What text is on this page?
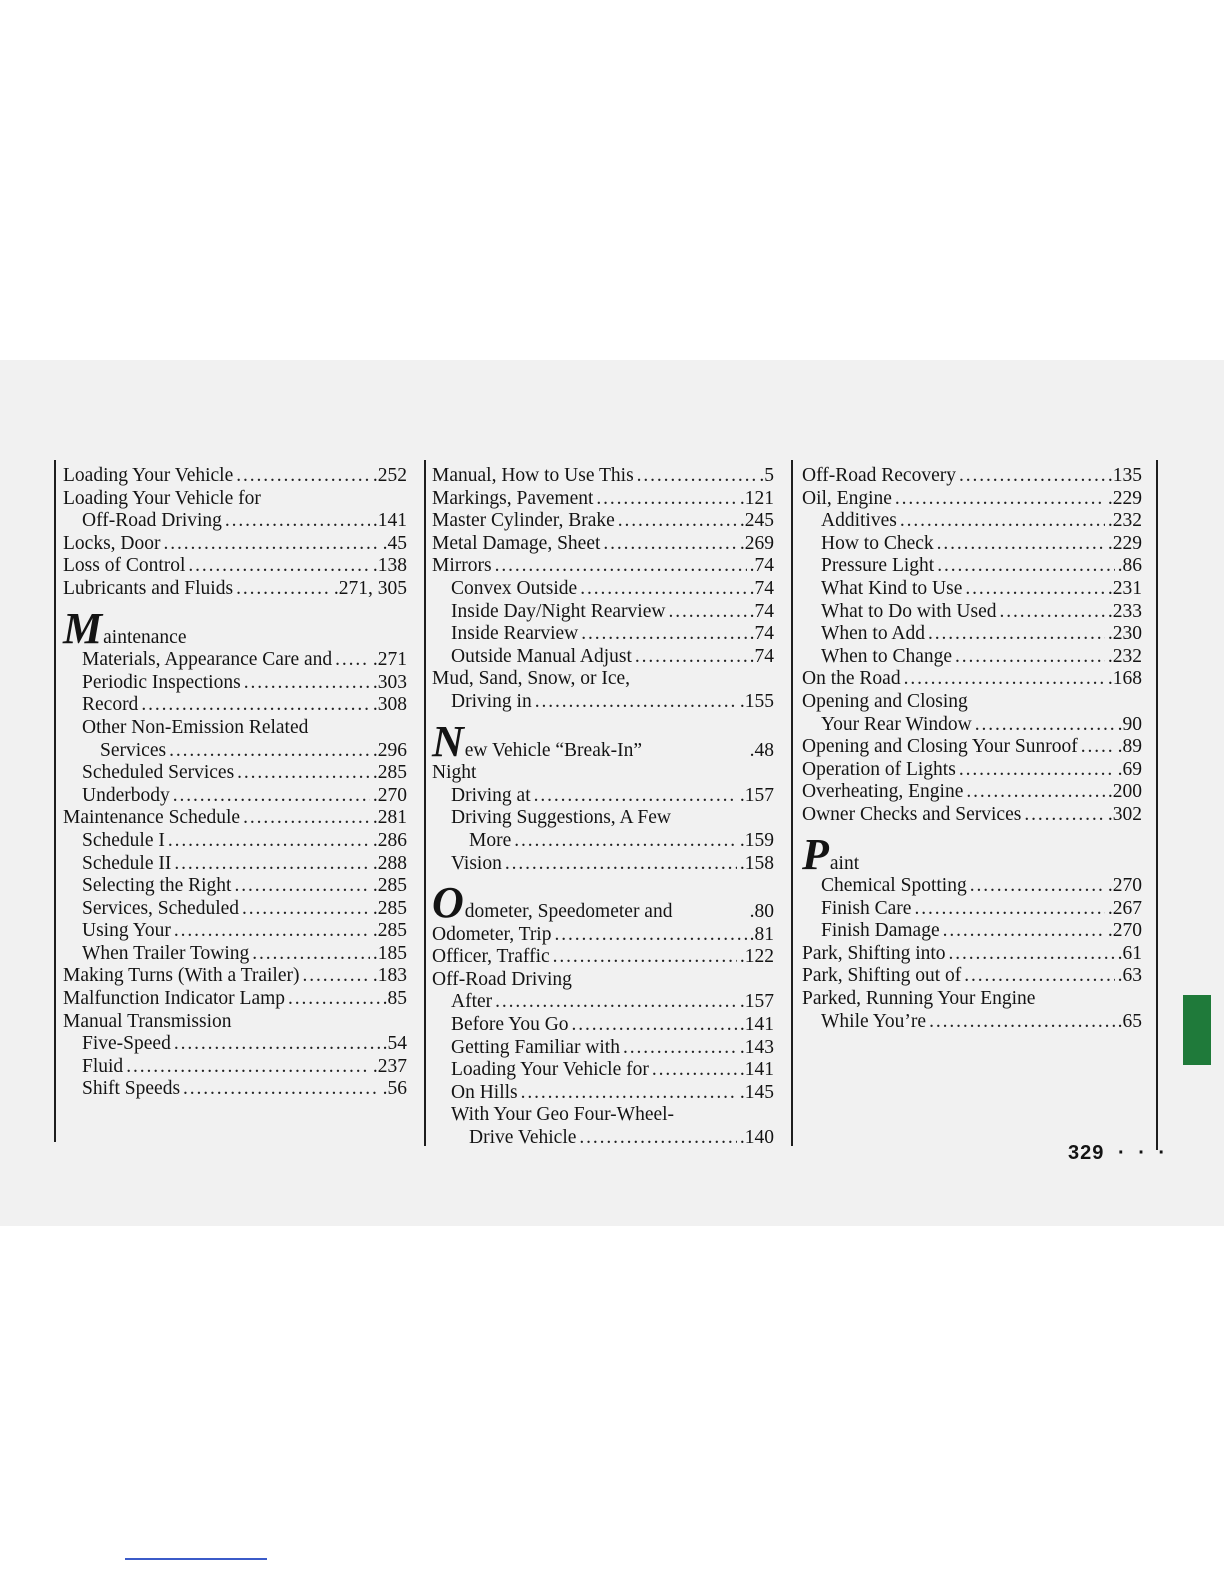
Loading Your Vehicle . . .	.252
Loading Your Vehicle for
Off-Road Driving . . .	.141
Locks, Door . . .	.45
Loss of Control . . .	.138
Lubricants and Fluids . . .	.271, 305
M aintenance
Materials, Appearance Care and . . . .271
Periodic Inspections . . .	.303
Record . . .	.308
Other Non-Emission Related
Services . . .	.296
Scheduled Services . . .	.285
Underbody . . .	.270
Maintenance Schedule . . .	.281
Schedule I . . .	.286
Schedule II . . .	.288
Selecting the Right . . .	.285
Services, Scheduled . . .	.285
Using Your . . .	.285
When Trailer Towing . . .	.185
Making Turns (With a Trailer) . . .	.183
Malfunction Indicator Lamp . . .	.85
Manual Transmission
Five-Speed . . .	.54
Fluid . . .	.237
Shift Speeds . . .	.56
Manual, How to Use This . . .	.5
Markings, Pavement . . .	.121
Master Cylinder, Brake . . .	.245
Metal Damage, Sheet . . .	.269
Mirrors . . .	.74
Convex Outside . . .	.74
Inside Day/Night Rearview . . .	.74
Inside Rearview . . .	.74
Outside Manual Adjust . . .	.74
Mud, Sand, Snow, or Ice,
Driving in . . .	.155
N ew Vehicle “Break-In”	.48
Night
Driving at . . .	.157
Driving Suggestions, A Few
More . . .	.159
Vision . . .	.158
O dometer, Speedometer and	.80
Odometer, Trip . . .	.81
Officer, Traffic . . .	.122
Off-Road Driving
After . . .	.157
Before You Go . . .	.141
Getting Familiar with . . .	.143
Loading Your Vehicle for . . .	.141
On Hills . . .	.145
With Your Geo Four-Wheel-
Drive Vehicle . . .	.140
Off-Road Recovery . . .	.135
Oil, Engine . . .	.229
Additives . . .	.232
How to Check . . .	.229
Pressure Light . . .	.86
What Kind to Use . . .	.231
What to Do with Used . . .	.233
When to Add . . .	.230
When to Change . . .	.232
On the Road . . .	.168
Opening and Closing
Your Rear Window . . .	.90
Opening and Closing Your Sunroof . . . .89
Operation of Lights . . .	.69
Overheating, Engine . . .	.200
Owner Checks and Services . . .	.302
P aint
Chemical Spotting . . .	.270
Finish Care . . .	.267
Finish Damage . . .	.270
Park, Shifting into . . .	.61
Park, Shifting out of . . .	.63
Parked, Running Your Engine
While You’re . . .	.65
329 · · ·
